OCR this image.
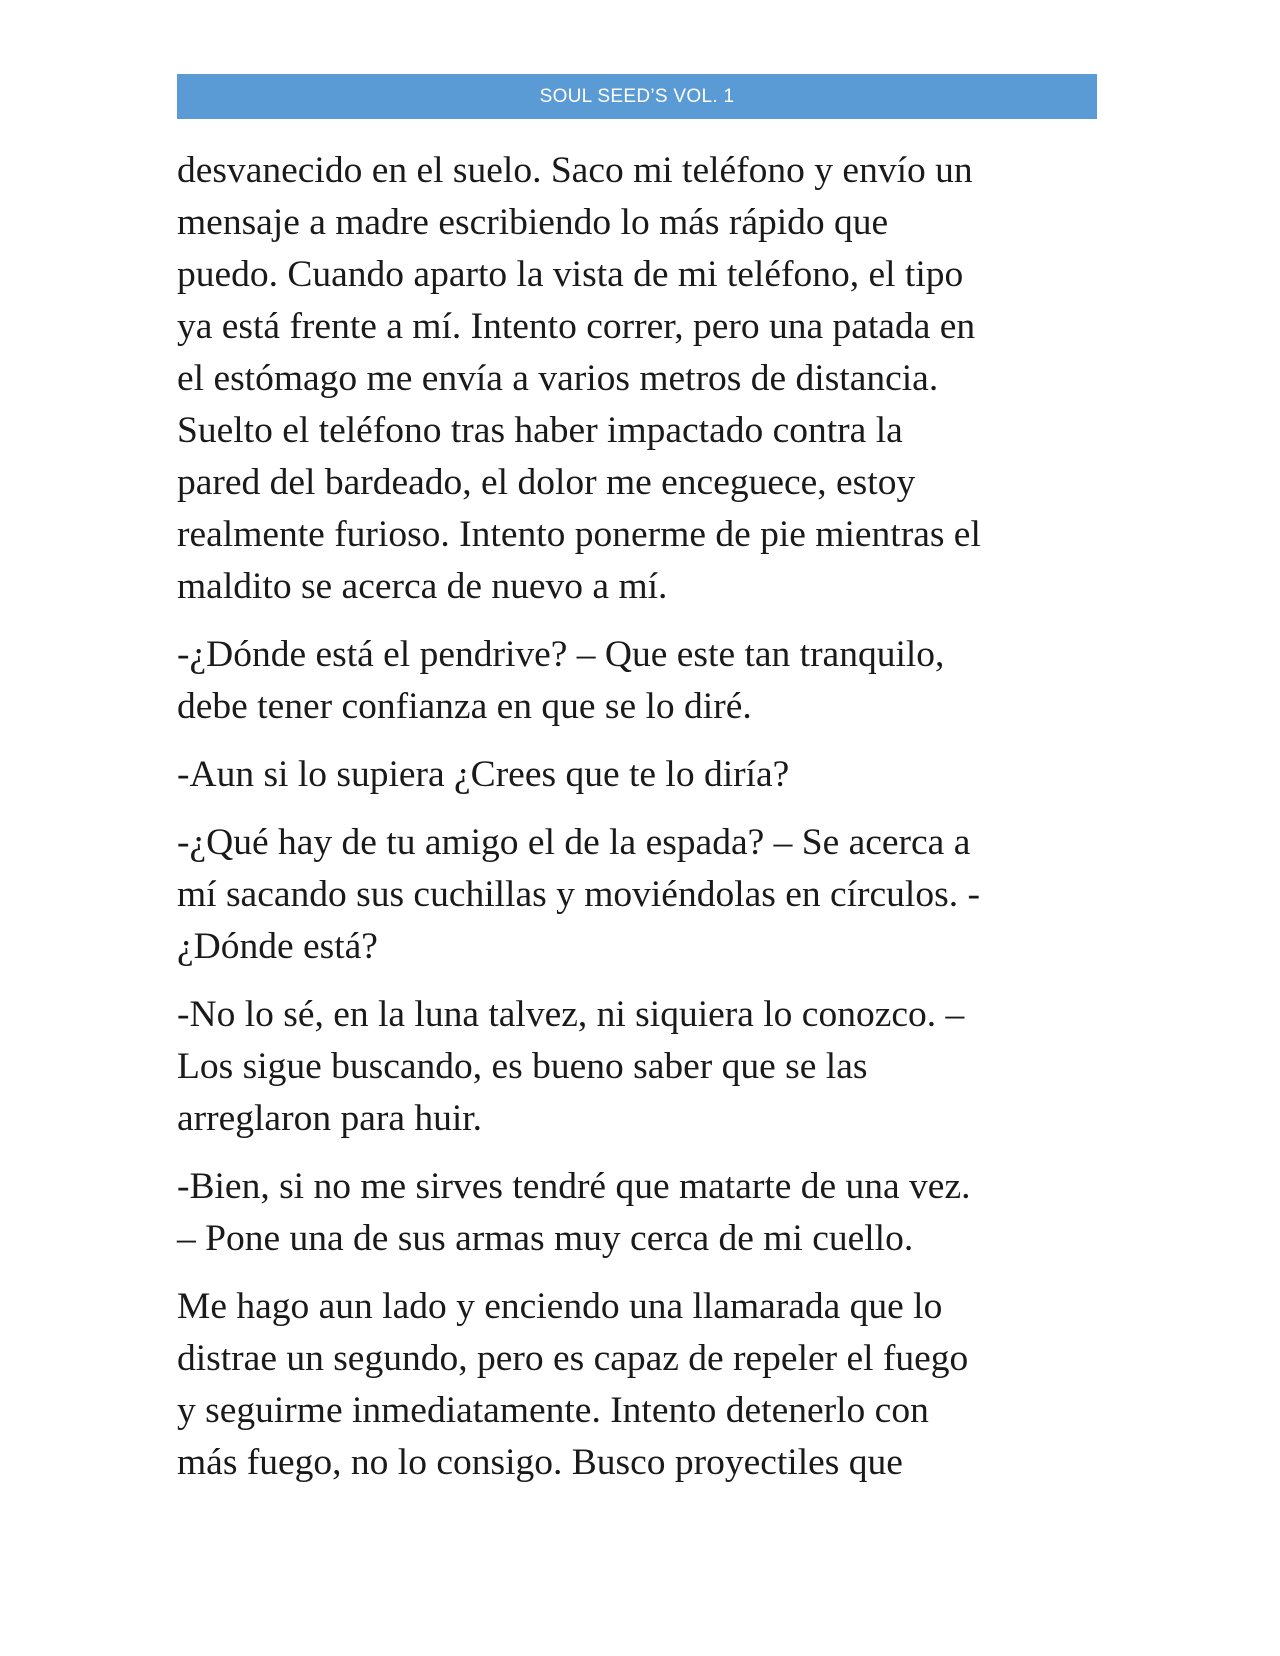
SOUL SEED’S VOL. 1

desvanecido en el suelo. Saco mi teléfono y envío un
mensaje a madre escribiendo lo más rápido que
puedo. Cuando aparto la vista de mi teléfono, el tipo
ya está frente a mí. Intento correr, pero una patada en
el estómago me envía a varios metros de distancia.
Suelto el teléfono tras haber impactado contra la
pared del bardeado, el dolor me enceguece, estoy
realmente furioso. Intento ponerme de pie mientras el
maldito se acerca de nuevo a mí.

-¿Dónde está el pendrive? – Que este tan tranquilo,
debe tener confianza en que se lo diré.

-Aun si lo supiera ¿Crees que te lo diría?

-¿Qué hay de tu amigo el de la espada? – Se acerca a
mí sacando sus cuchillas y moviéndolas en círculos. -
¿Dónde está?

-No lo sé, en la luna talvez, ni siquiera lo conozco. –
Los sigue buscando, es bueno saber que se las
arreglaron para huir.

-Bien, si no me sirves tendré que matarte de una vez.
– Pone una de sus armas muy cerca de mi cuello.

Me hago aun lado y enciendo una llamarada que lo
distrae un segundo, pero es capaz de repeler el fuego
y seguirme inmediatamente. Intento detenerlo con
más fuego, no lo consigo. Busco proyectiles que
